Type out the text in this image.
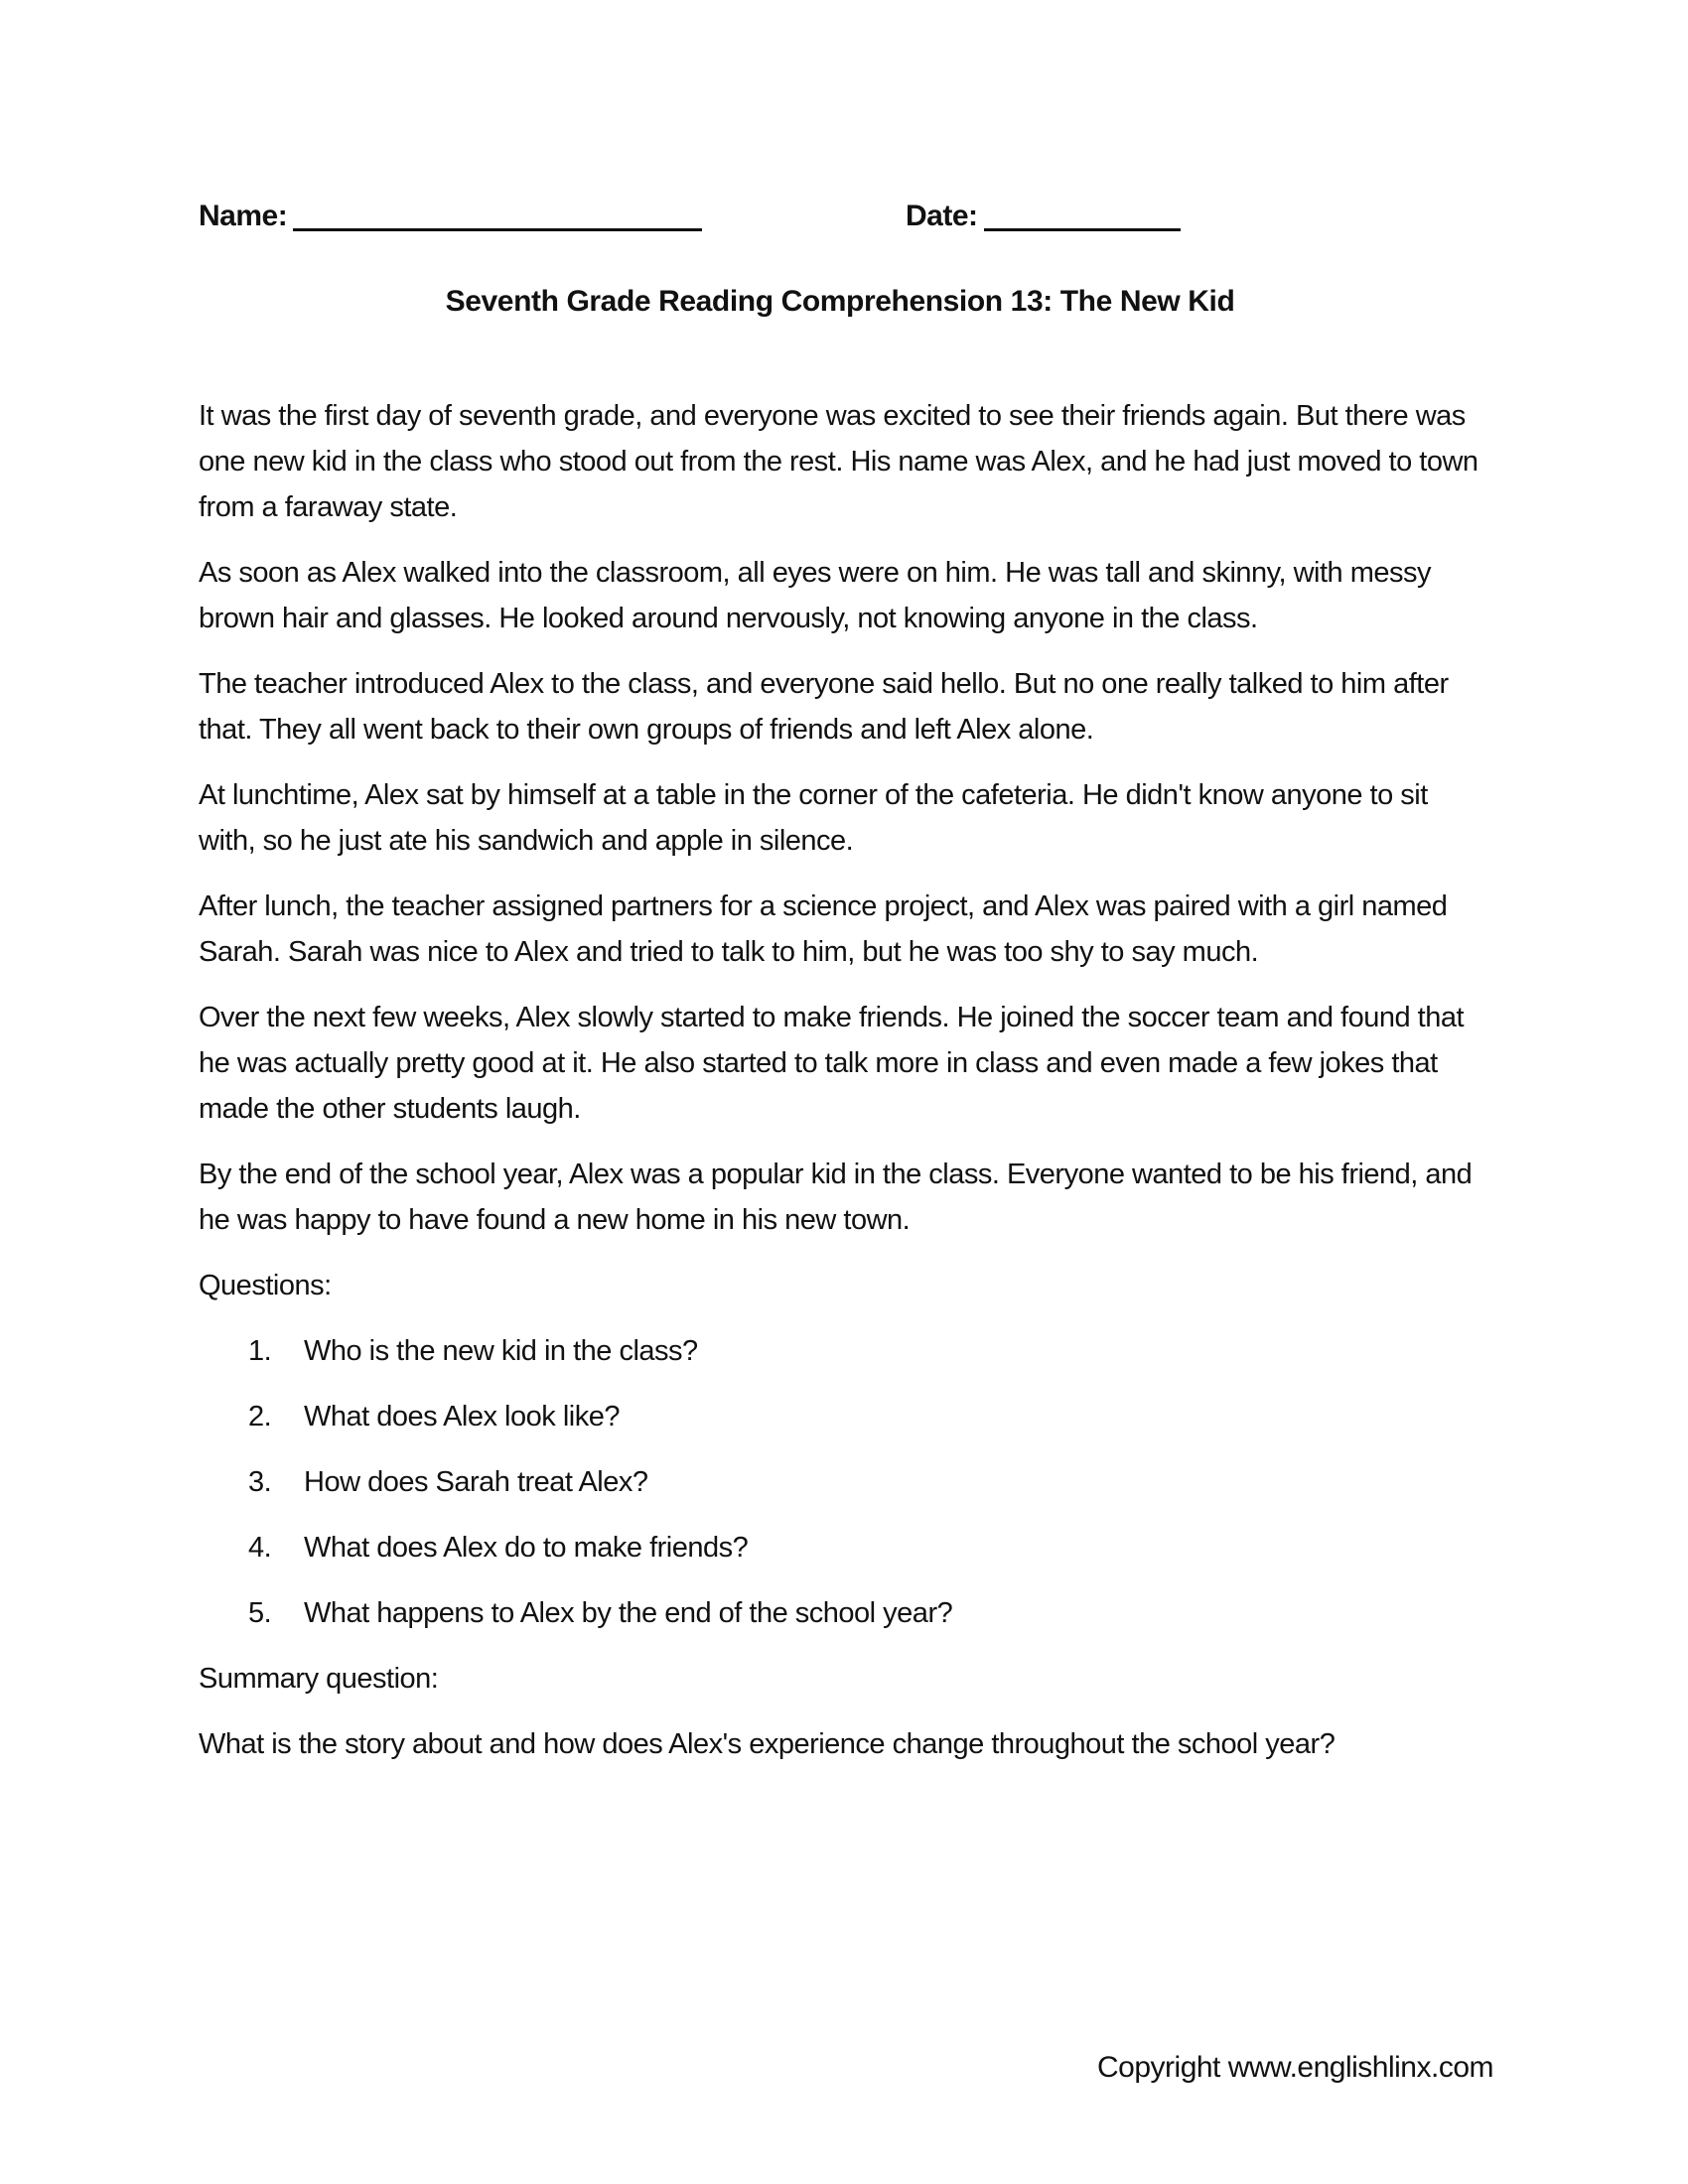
Name:	Date:
Seventh Grade Reading Comprehension 13: The New Kid

It was the first day of seventh grade, and everyone was excited to see their friends again. But there was one new kid in the class who stood out from the rest. His name was Alex, and he had just moved to town from a faraway state.

As soon as Alex walked into the classroom, all eyes were on him. He was tall and skinny, with messy brown hair and glasses. He looked around nervously, not knowing anyone in the class.

The teacher introduced Alex to the class, and everyone said hello. But no one really talked to him after that. They all went back to their own groups of friends and left Alex alone.

At lunchtime, Alex sat by himself at a table in the corner of the cafeteria. He didn't know anyone to sit with, so he just ate his sandwich and apple in silence.

After lunch, the teacher assigned partners for a science project, and Alex was paired with a girl named Sarah. Sarah was nice to Alex and tried to talk to him, but he was too shy to say much.

Over the next few weeks, Alex slowly started to make friends. He joined the soccer team and found that he was actually pretty good at it. He also started to talk more in class and even made a few jokes that made the other students laugh.

By the end of the school year, Alex was a popular kid in the class. Everyone wanted to be his friend, and he was happy to have found a new home in his new town.

Questions:

1. Who is the new kid in the class?
2. What does Alex look like?
3. How does Sarah treat Alex?
4. What does Alex do to make friends?
5. What happens to Alex by the end of the school year?

Summary question:

What is the story about and how does Alex's experience change throughout the school year?

Copyright www.englishlinx.com
